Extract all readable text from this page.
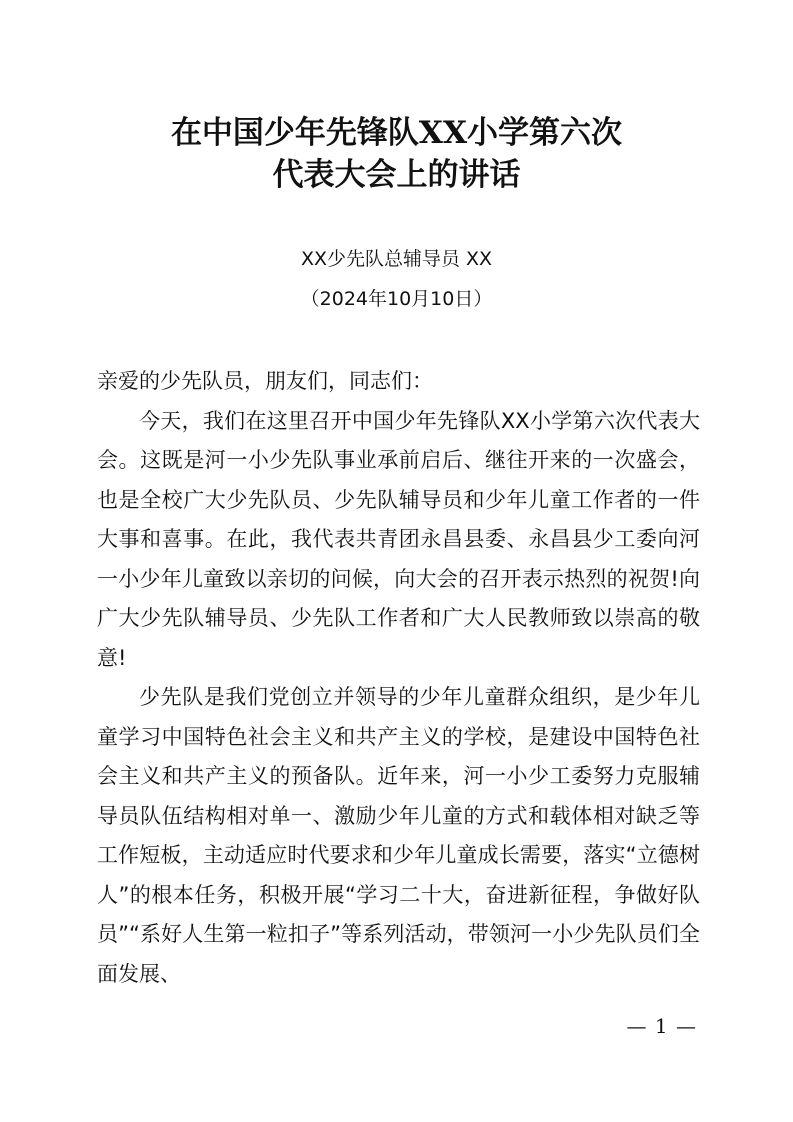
在中国少年先锋队XX小学第六次
代表大会上的讲话
XX少先队总辅导员 XX
（2024年10月10日）

亲爱的少先队员，朋友们，同志们：

今天，我们在这里召开中国少年先锋队XX小学第六次代表大会。这既是河一小少先队事业承前启后、继往开来的一次盛会，也是全校广大少先队员、少先队辅导员和少年儿童工作者的一件大事和喜事。在此，我代表共青团永昌县委、永昌县少工委向河一小少年儿童致以亲切的问候，向大会的召开表示热烈的祝贺!向广大少先队辅导员、少先队工作者和广大人民教师致以崇高的敬意!

少先队是我们党创立并领导的少年儿童群众组织，是少年儿童学习中国特色社会主义和共产主义的学校，是建设中国特色社会主义和共产主义的预备队。近年来，河一小少工委努力克服辅导员队伍结构相对单一、激励少年儿童的方式和载体相对缺乏等工作短板，主动适应时代要求和少年儿童成长需要，落实“立德树人”的根本任务，积极开展“学习二十大，奋进新征程，争做好队员”“系好人生第一粒扣子”等系列活动，带领河一小少先队员们全面发展、

— 1 —
